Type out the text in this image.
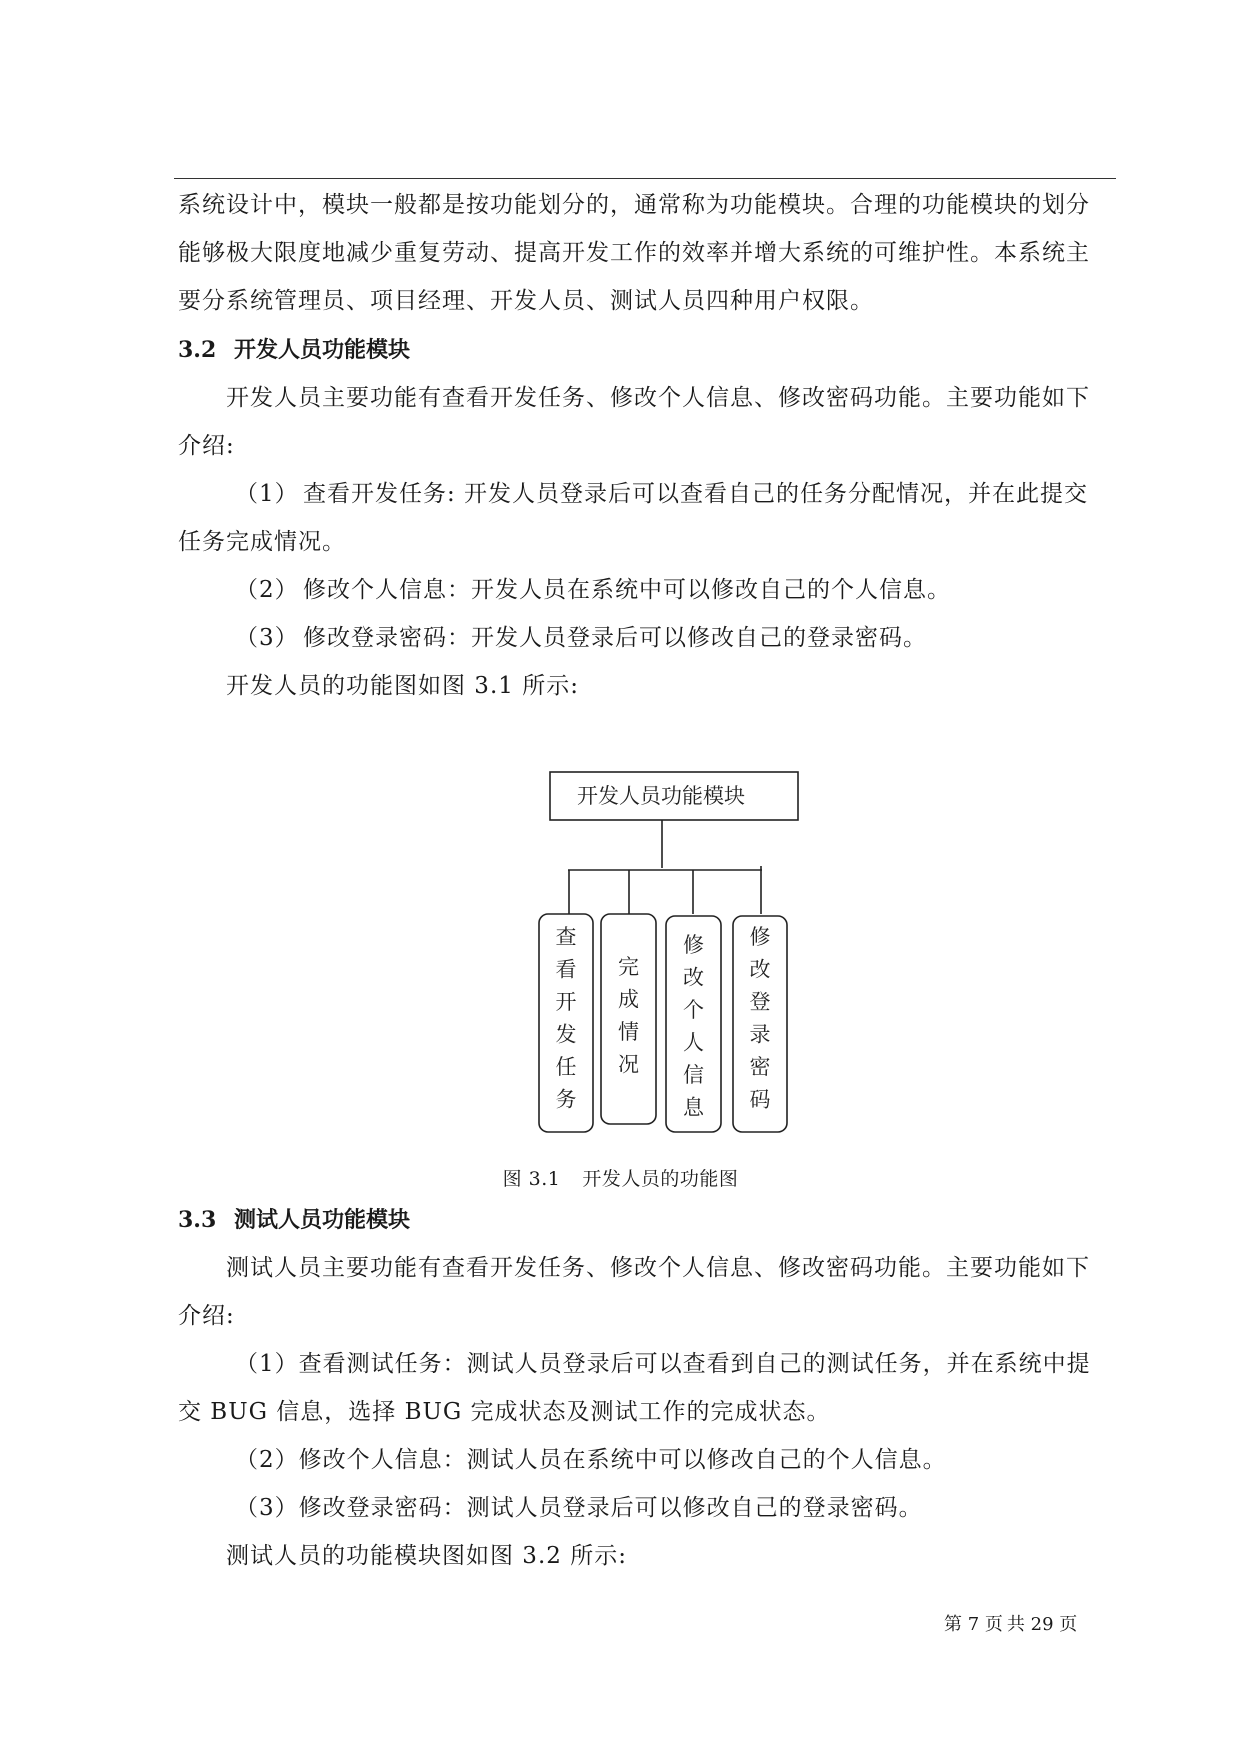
系统设计中，模块一般都是按功能划分的，通常称为功能模块。合理的功能模块的划分
能够极大限度地减少重复劳动、提高开发工作的效率并增大系统的可维护性。本系统主
要分系统管理员、项目经理、开发人员、测试人员四种用户权限。
3.2 开发人员功能模块
开发人员主要功能有查看开发任务、修改个人信息、修改密码功能。主要功能如下
介绍:
（1） 查看开发任务: 开发人员登录后可以查看自己的任务分配情况，并在此提交
任务完成情况。
（2） 修改个人信息：开发人员在系统中可以修改自己的个人信息。
（3） 修改登录密码：开发人员登录后可以修改自己的登录密码。
开发人员的功能图如图 3.1 所示:
开发人员功能模块
查
看
开
发
任
务
完
成
情
况
修
改
个
人
信
息
修
改
登
录
密
码
图 3.1 开发人员的功能图
3.3 测试人员功能模块
测试人员主要功能有查看开发任务、修改个人信息、修改密码功能。主要功能如下
介绍:
（1）查看测试任务：测试人员登录后可以查看到自己的测试任务，并在系统中提
交 BUG 信息，选择 BUG 完成状态及测试工作的完成状态。
（2）修改个人信息：测试人员在系统中可以修改自己的个人信息。
（3）修改登录密码：测试人员登录后可以修改自己的登录密码。
测试人员的功能模块图如图 3.2 所示:
第 7 页 共 29 页
